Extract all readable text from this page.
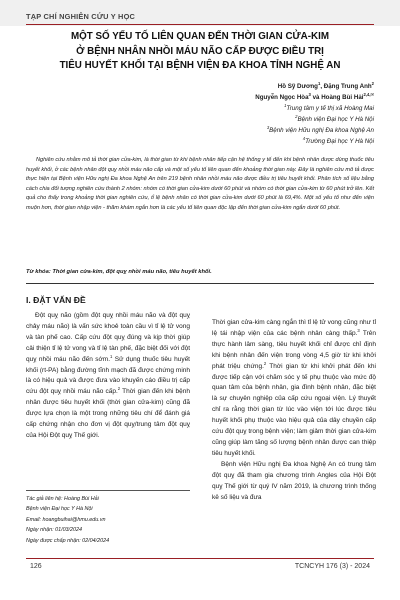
TẠP CHÍ NGHIÊN CỨU Y HỌC
MỘT SỐ YẾU TỐ LIÊN QUAN ĐẾN THỜI GIAN CỬA-KIM
Ở BỆNH NHÂN NHỒI MÁU NÃO CẤP ĐƯỢC ĐIỀU TRỊ
TIÊU HUYẾT KHỐI TẠI BỆNH VIỆN ĐA KHOA TỈNH NGHỆ AN
Hồ Sỹ Dương$^1$, Đặng Trung Anh$^2$
Nguyễn Ngọc Hòa$^3$ và Hoàng Bùi Hải$^{2,4,✉}$
$^1$Trung tâm y tế thị xã Hoàng Mai
$^2$Bệnh viện Đại học Y Hà Nội
$^3$Bệnh viện Hữu nghị Đa khoa Nghệ An
$^4$Trường Đại học Y Hà Nội

Nghiên cứu nhằm mô tả thời gian cửa-kim, là thời gian từ khi bệnh nhân tiếp cận hệ thống y tế đến khi bệnh nhân được dùng thuốc tiêu huyết khối, ở các bệnh nhân đột quỵ nhồi máu não cấp và một số yếu tố liên quan đến khoảng thời gian này. Đây là nghiên cứu mô tả được thực hiện tại Bệnh viện Hữu nghị Đa khoa Nghệ An trên 219 bệnh nhân nhồi máu não được điều trị tiêu huyết khối. Phân tích số liệu bằng cách chia đối tượng nghiên cứu thành 2 nhóm: nhóm có thời gian cửa-kim dưới 60 phút và nhóm có thời gian cửa-kim từ 60 phút trở lên. Kết quả cho thấy trong khoảng thời gian nghiên cứu, tỉ lệ bệnh nhân có thời gian cửa-kim dưới 60 phút là 69,4%. Một số yếu tố như đến viện muộn hơn, thời gian nhập viện - thăm khám ngắn hơn là các yếu tố liên quan độc lập đến thời gian cửa-kim ngắn dưới 60 phút.

Từ khóa: Thời gian cửa-kim, đột quỵ nhồi máu não, tiêu huyết khối.
I. ĐẶT VẤN ĐỀ

Đột quỵ não (gồm đột quỵ nhồi máu não và đột quỵ chảy máu não) là vấn sức khoẻ toàn cầu vì tỉ lệ tử vong và tàn phế cao. Cấp cứu đột quỵ đúng và kịp thời giúp cải thiện tỉ lệ tử vong và tỉ lệ tàn phế, đặc biệt đối với đột quỵ nhồi máu não đến sớm.$^1$ Sử dụng thuốc tiêu huyết khối (rt-PA) bằng đường tĩnh mạch đã được chứng minh là có hiệu quả và được đưa vào khuyến cáo điều trị cấp cứu đột quỵ nhồi máu não cấp.$^2$ Thời gian đến khi bệnh nhân được tiêu huyết khối (thời gian cửa-kim) cũng đã được lựa chọn là một trong những tiêu chí để đánh giá cấp chứng nhận cho đơn vị đột quỵ/trung tâm đột quỵ của Hội Đột quỵ Thế giới.

Tác giả liên hệ: Hoàng Bùi Hải
Bệnh viện Đại học Y Hà Nội
Email: hoangbuihai@hmu.edu.vn
Ngày nhận: 01/03/2024
Ngày được chấp nhận: 02/04/2024

Thời gian cửa-kim càng ngắn thì tỉ lệ tử vong cũng như tỉ lệ tái nhập viện của các bệnh nhân càng thấp.$^3$ Trên thực hành lâm sàng, tiêu huyết khối chỉ được chỉ định khi bệnh nhân đến viện trong vòng 4,5 giờ từ khi khởi phát triệu chứng.$^2$ Thời gian từ khi khởi phát đến khi được tiếp cận với chăm sóc y tế phụ thuộc vào mức độ quan tâm của bệnh nhân, gia đình bệnh nhân, đặc biệt là sự chuyên nghiệp của cấp cứu ngoại viện. Lý thuyết chỉ ra rằng thời gian từ lúc vào viện tới lúc được tiêu huyết khối phụ thuộc vào hiệu quả của dây chuyền cấp cứu đột quỵ trong bệnh viện; làm giảm thời gian cửa-kim cũng giúp làm tăng số lượng bệnh nhân được can thiệp tiêu huyết khối.

Bệnh viện Hữu nghị Đa khoa Nghệ An có trung tâm đột quỵ đã tham gia chương trình Angles của Hội Đột quỵ Thế giới từ quý IV năm 2019, là chương trình thống kê số liệu và đưa

126	TCNCYH 176 (3) - 2024
